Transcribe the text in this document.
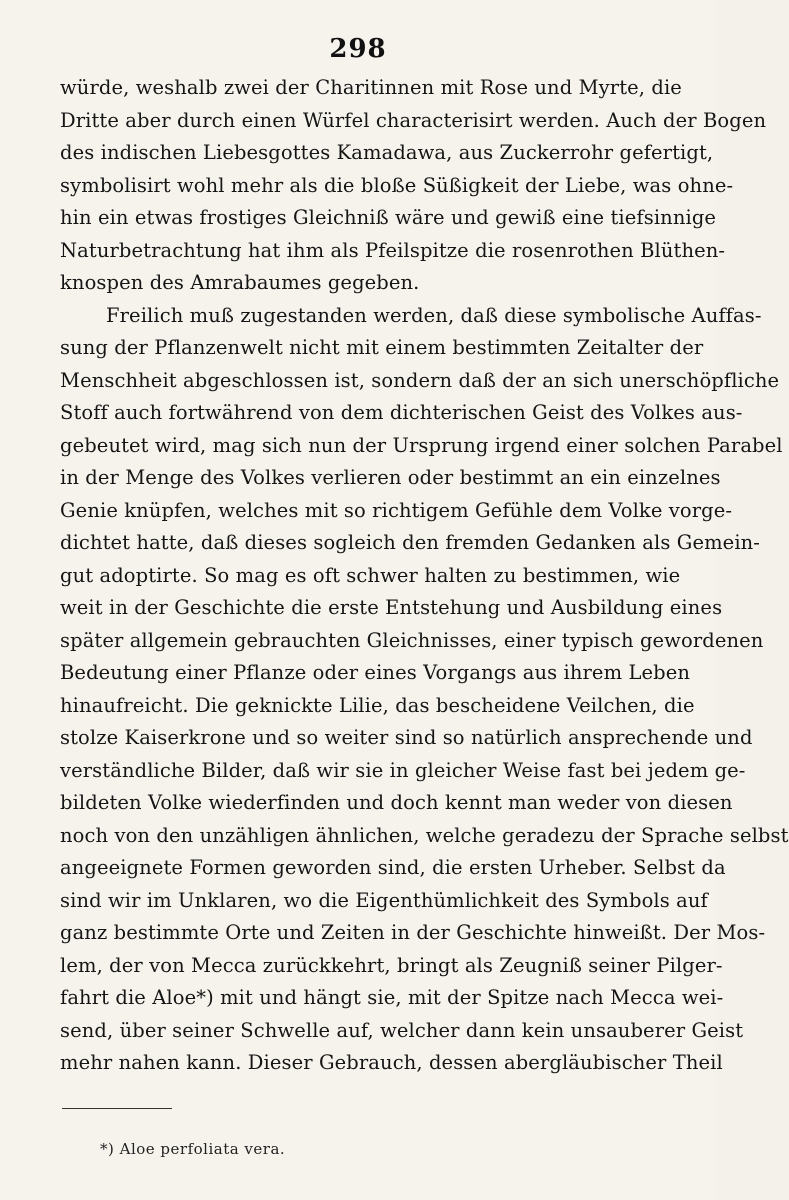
298
würde, weshalb zwei der Charitinnen mit Rose und Myrte, die
Dritte aber durch einen Würfel characterisirt werden. Auch der Bogen
des indischen Liebesgottes Kamadawa, aus Zuckerrohr gefertigt,
symbolisirt wohl mehr als die bloße Süßigkeit der Liebe, was ohne-
hin ein etwas frostiges Gleichniß wäre und gewiß eine tiefsinnige
Naturbetrachtung hat ihm als Pfeilspitze die rosenrothen Blüthen-
knospen des Amrabaumes gegeben.
Freilich muß zugestanden werden, daß diese symbolische Auffas-
sung der Pflanzenwelt nicht mit einem bestimmten Zeitalter der
Menschheit abgeschlossen ist, sondern daß der an sich unerschöpfliche
Stoff auch fortwährend von dem dichterischen Geist des Volkes aus-
gebeutet wird, mag sich nun der Ursprung irgend einer solchen Parabel
in der Menge des Volkes verlieren oder bestimmt an ein einzelnes
Genie knüpfen, welches mit so richtigem Gefühle dem Volke vorge-
dichtet hatte, daß dieses sogleich den fremden Gedanken als Gemein-
gut adoptirte. So mag es oft schwer halten zu bestimmen, wie
weit in der Geschichte die erste Entstehung und Ausbildung eines
später allgemein gebrauchten Gleichnisses, einer typisch gewordenen
Bedeutung einer Pflanze oder eines Vorgangs aus ihrem Leben
hinaufreicht. Die geknickte Lilie, das bescheidene Veilchen, die
stolze Kaiserkrone und so weiter sind so natürlich ansprechende und
verständliche Bilder, daß wir sie in gleicher Weise fast bei jedem ge-
bildeten Volke wiederfinden und doch kennt man weder von diesen
noch von den unzähligen ähnlichen, welche geradezu der Sprache selbst
angeeignete Formen geworden sind, die ersten Urheber. Selbst da
sind wir im Unklaren, wo die Eigenthümlichkeit des Symbols auf
ganz bestimmte Orte und Zeiten in der Geschichte hinweißt. Der Mos-
lem, der von Mecca zurückkehrt, bringt als Zeugniß seiner Pilger-
fahrt die Aloe*) mit und hängt sie, mit der Spitze nach Mecca wei-
send, über seiner Schwelle auf, welcher dann kein unsauberer Geist
mehr nahen kann. Dieser Gebrauch, dessen abergläubischer Theil
*) Aloe perfoliata vera.
